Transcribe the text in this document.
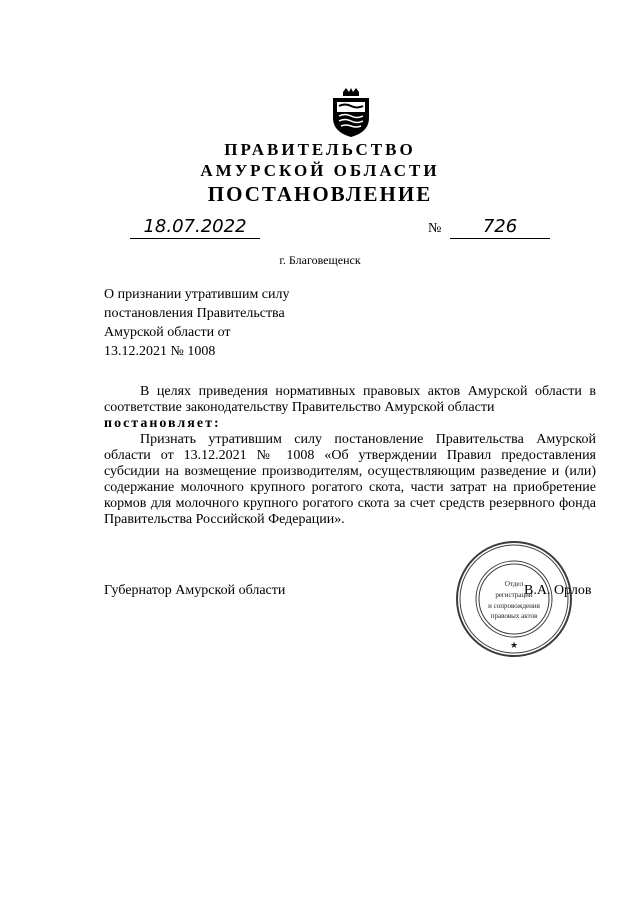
ПРАВИТЕЛЬСТВО
АМУРСКОЙ ОБЛАСТИ
ПОСТАНОВЛЕНИЕ
18.07.2022	№	726
г. Благовещенск
О признании утратившим силу
постановления Правительства
Амурской области от
13.12.2021 № 1008

В целях приведения нормативных правовых актов Амурской области в соответствие законодательству Правительство Амурской области

постановляет:

Признать утратившим силу постановление Правительства Амурской области от 13.12.2021 № 1008 «Об утверждении Правил предоставления субсидии на возмещение производителям, осуществляющим разведение и (или) содержание молочного крупного рогатого скота, части затрат на приобретение кормов для молочного крупного рогатого скота за счет средств резервного фонда Правительства Российской Федерации».

Губернатор Амурской области	В.А. Орлов
★
Отдел
регистрации
и сопровождения
правовых актов
